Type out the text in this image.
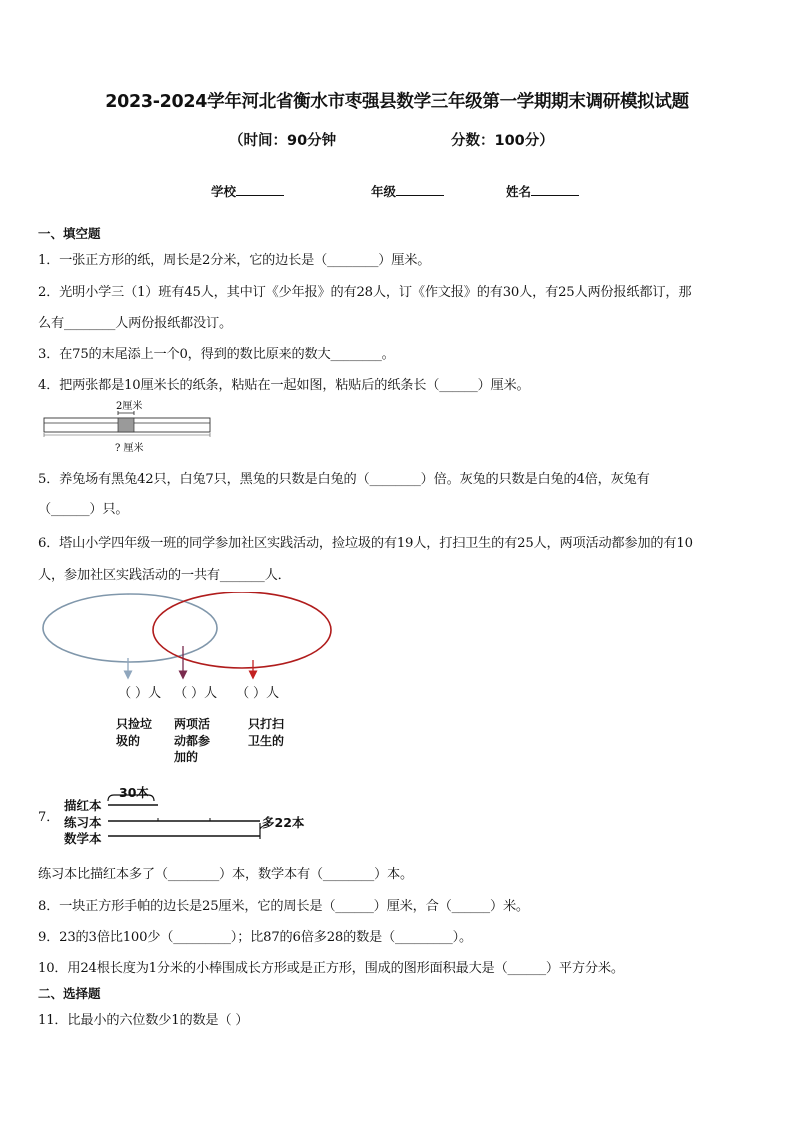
2023-2024学年河北省衡水市枣强县数学三年级第一学期期末调研模拟试题
（时间：90分钟	分数：100分）
学校	年级	姓名
一、填空题
1．一张正方形的纸，周长是2分米，它的边长是（________）厘米。
2．光明小学三（1）班有45人，其中订《少年报》的有28人，订《作文报》的有30人，有25人两份报纸都订，那
么有________人两份报纸都没订。
3．在75的末尾添上一个0，得到的数比原来的数大________。
4．把两张都是10厘米长的纸条，粘贴在一起如图，粘贴后的纸条长（______）厘米。
2厘米
? 厘米
5．养兔场有黑兔42只，白兔7只，黑兔的只数是白兔的（________）倍。灰兔的只数是白兔的4倍，灰兔有
（______）只。
6．塔山小学四年级一班的同学参加社区实践活动，捡垃圾的有19人，打扫卫生的有25人，两项活动都参加的有10
人，参加社区实践活动的一共有_______人．
（ ）人 （ ）人 （ ）人
只捡垃圾的
两项活动都参加的
只打扫卫生的
7．
描红本
练习本
数学本
30本
多22本
练习本比描红本多了（________）本，数学本有（________）本。
8．一块正方形手帕的边长是25厘米，它的周长是（______）厘米，合（______）米。
9．23的3倍比100少（_________）；比87的6倍多28的数是（_________）。
10．用24根长度为1分米的小棒围成长方形或是正方形，围成的图形面积最大是（______）平方分米。
二、选择题
11．比最小的六位数少1的数是（ ）
